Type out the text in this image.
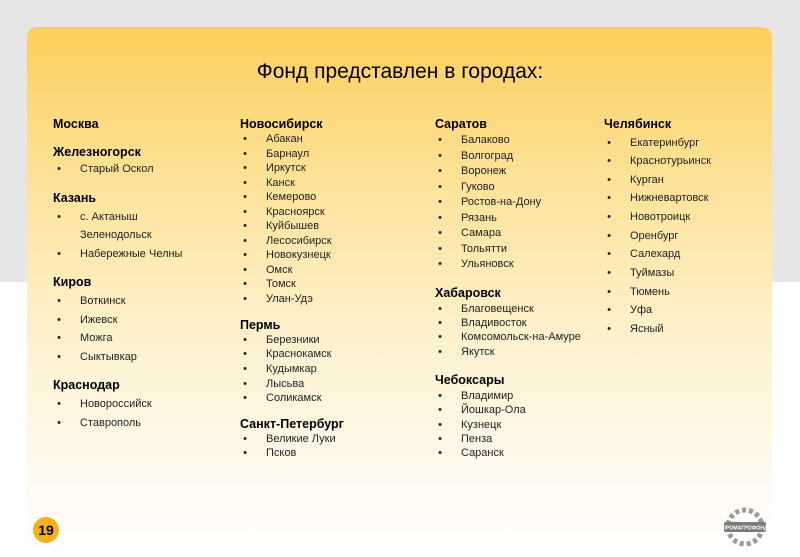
Фонд представлен в городах:
Москва
Железногорск
• Старый Оскол
Казань
• с. Актаныш
Зеленодольск
• Набережные Челны
Киров
• Воткинск
• Ижевск
• Можга
• Сыктывкар
Краснодар
• Новороссийск
• Ставрополь
Новосибирск
• Абакан
• Барнаул
• Иркутск
• Канск
• Кемерово
• Красноярск
• Куйбышев
• Лесосибирск
• Новокузнецк
• Омск
• Томск
• Улан-Удэ
Пермь
• Березники
• Краснокамск
• Кудымкар
• Лысьва
• Соликамск
Санкт-Петербург
• Великие Луки
• Псков
Саратов
• Балаково
• Волгоград
• Воронеж
• Гуково
• Ростов-на-Дону
• Рязань
• Самара
• Тольятти
• Ульяновск
Хабаровск
• Благовещенск
• Владивосток
• Комсомольск-на-Амуре
• Якутск
Чебоксары
• Владимир
• Йошкар-Ола
• Кузнецк
• Пенза
• Саранск
Челябинск
• Екатеринбург
• Краснотурьинск
• Курган
• Нижневартовск
• Новотроицк
• Оренбург
• Салехард
• Туймазы
• Тюмень
• Уфа
• Ясный
19	ПРОМАГРОФОНД
